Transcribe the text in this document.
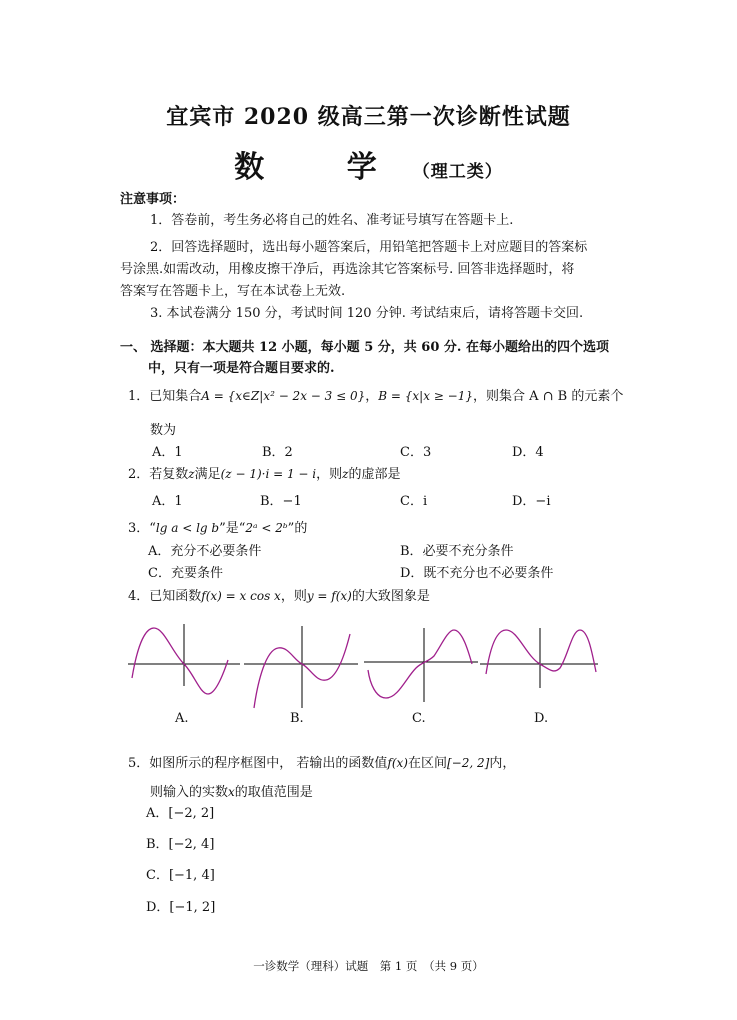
宜宾市 2020 级高三第一次诊断性试题
数 学（理工类）
注意事项：
1．答卷前，考生务必将自己的姓名、准考证号填写在答题卡上.
2．回答选择题时，选出每小题答案后，用铅笔把答题卡上对应题目的答案标
号涂黑.如需改动，用橡皮擦干净后，再选涂其它答案标号. 回答非选择题时，将
答案写在答题卡上，写在本试卷上无效.
3. 本试卷满分 150 分，考试时间 120 分钟. 考试结束后，请将答题卡交回.
一、 选择题：本大题共 12 小题，每小题 5 分，共 60 分. 在每小题给出的四个选项
中，只有一项是符合题目要求的.
1．已知集合A = {x∈Z|x² − 2x − 3 ≤ 0}，B = {x|x ≥ −1}，则集合 A ∩ B 的元素个
数为
A．1	B．2	C．3	D．4
2．若复数z满足(z − 1)·i = 1 − i，则z的虚部是
A．1	B．−1	C．i	D．−i
3．“lg a < lg b”是“2ᵃ < 2ᵇ”的
A．充分不必要条件	B．必要不充分条件
C．充要条件	D．既不充分也不必要条件
4．已知函数f(x) = x cos x，则y = f(x)的大致图象是
A.	B.	C.	D.
5．如图所示的程序框图中， 若输出的函数值f(x)在区间[−2, 2]内，
则输入的实数x的取值范围是
A．[−2, 2]
B．[−2, 4]
C．[−1, 4]
D．[−1, 2]
一诊数学（理科）试题　第 1 页　（共 9 页）
